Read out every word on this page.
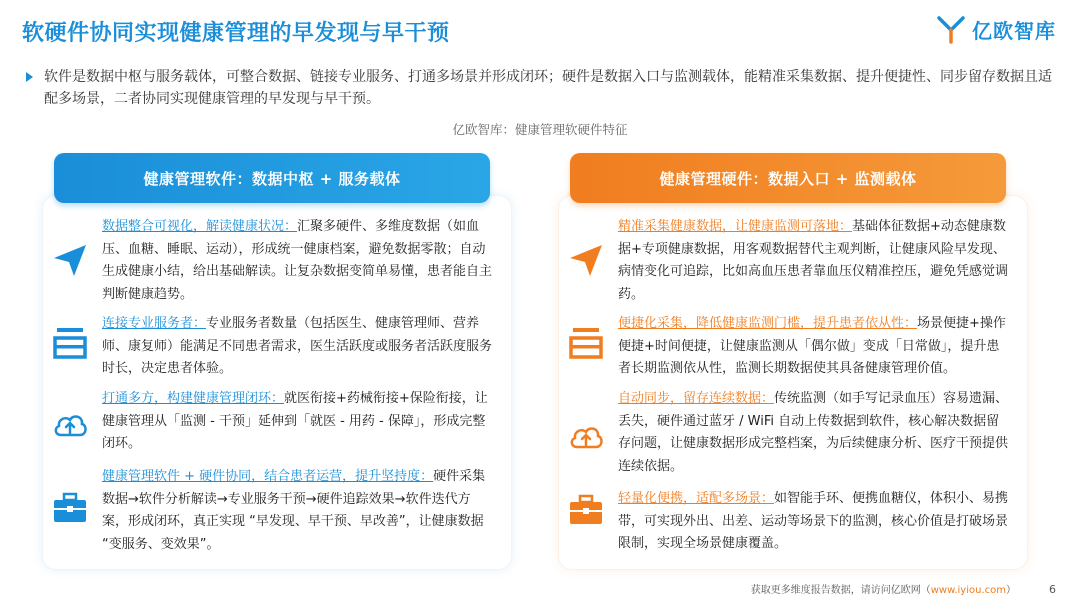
软硬件协同实现健康管理的早发现与早干预	亿欧智库
软件是数据中枢与服务载体，可整合数据、链接专业服务、打通多场景并形成闭环；硬件是数据入口与监测载体，能精准采集数据、提升便捷性、同步留存数据且适配多场景，二者协同实现健康管理的早发现与早干预。
亿欧智库：健康管理软硬件特征
健康管理软件：数据中枢 + 服务载体
数据整合可视化，解读健康状况：汇聚多硬件、多维度数据（如血压、血糖、睡眠、运动），形成统一健康档案，避免数据零散；自动生成健康小结，给出基础解读。让复杂数据变简单易懂，患者能自主判断健康趋势。
连接专业服务者：专业服务者数量（包括医生、健康管理师、营养师、康复师）能满足不同患者需求，医生活跃度或服务者活跃度服务时长，决定患者体验。
打通多方，构建健康管理闭环：就医衔接+药械衔接+保险衔接，让健康管理从「监测 - 干预」延伸到「就医 - 用药 - 保障」，形成完整闭环。
健康管理软件 + 硬件协同，结合患者运营，提升坚持度：硬件采集数据→软件分析解读→专业服务干预→硬件追踪效果→软件迭代方案，形成闭环，真正实现 “早发现、早干预、早改善”，让健康数据 “变服务、变效果”。
健康管理硬件：数据入口 + 监测载体
精准采集健康数据，让健康监测可落地：基础体征数据+动态健康数据+专项健康数据，用客观数据替代主观判断，让健康风险早发现、病情变化可追踪，比如高血压患者靠血压仪精准控压，避免凭感觉调药。
便捷化采集，降低健康监测门槛，提升患者依从性：场景便捷+操作便捷+时间便捷，让健康监测从「偶尔做」变成「日常做」，提升患者长期监测依从性，监测长期数据使其具备健康管理价值。
自动同步，留存连续数据：传统监测（如手写记录血压）容易遗漏、丢失，硬件通过蓝牙 / WiFi 自动上传数据到软件，核心解决数据留存问题，让健康数据形成完整档案，为后续健康分析、医疗干预提供连续依据。
轻量化便携，适配多场景：如智能手环、便携血糖仪，体积小、易携带，可实现外出、出差、运动等场景下的监测，核心价值是打破场景限制，实现全场景健康覆盖。
获取更多维度报告数据，请访问亿欧网（www.iyiou.com）	6
